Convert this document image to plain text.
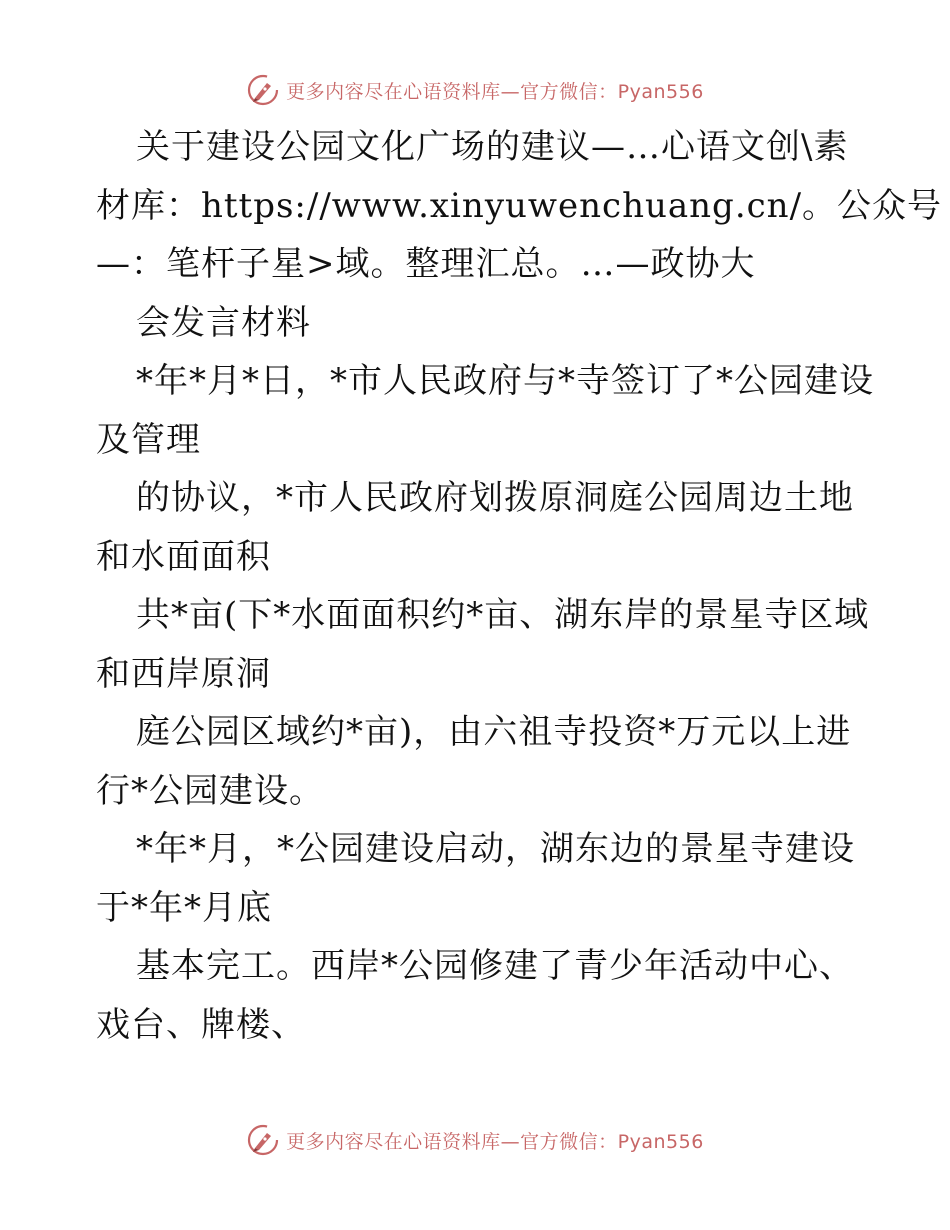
更多内容尽在心语资料库—官方微信：Pyan556
关于建设公园文化广场的建议—…心语文创\素
材库：https://www.xinyuwenchuang.cn/。公众号
—：笔杆子星>域。整理汇总。…—政协大
会发言材料
*年*月*日，*市人民政府与*寺签订了*公园建设
及管理
的协议，*市人民政府划拨原洞庭公园周边土地
和水面面积
共*亩(下*水面面积约*亩、湖东岸的景星寺区域
和西岸原洞
庭公园区域约*亩)，由六祖寺投资*万元以上进
行*公园建设。
*年*月，*公园建设启动，湖东边的景星寺建设
于*年*月底
基本完工。西岸*公园修建了青少年活动中心、
戏台、牌楼、
更多内容尽在心语资料库—官方微信：Pyan556
